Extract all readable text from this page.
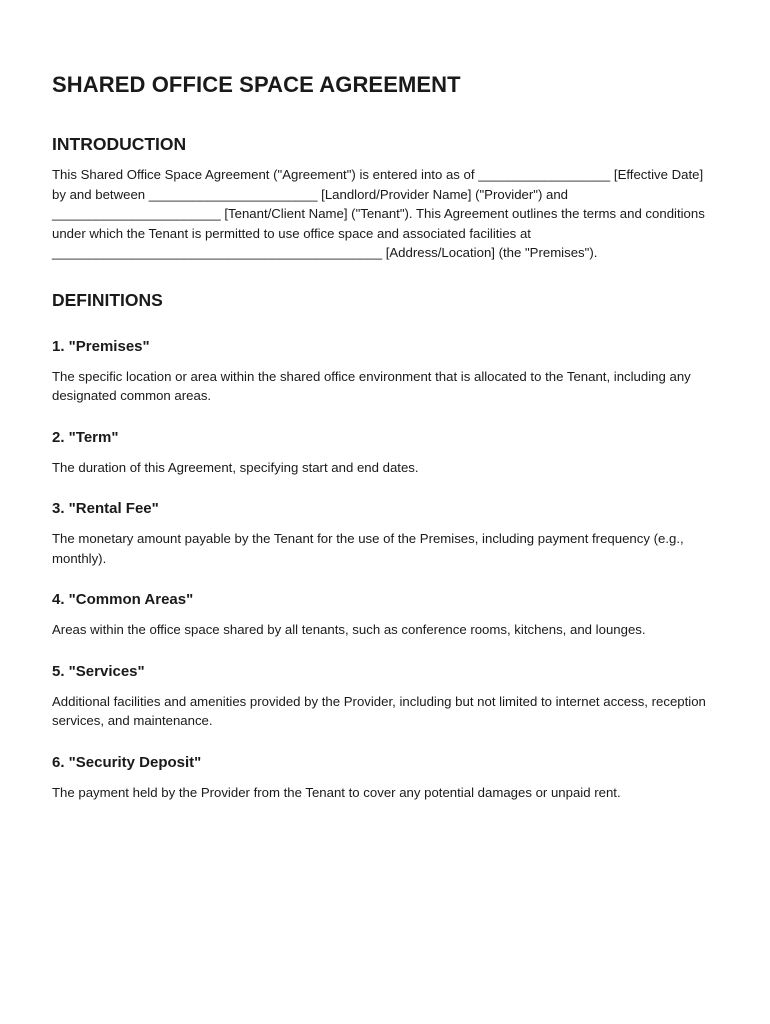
SHARED OFFICE SPACE AGREEMENT
INTRODUCTION

This Shared Office Space Agreement ("Agreement") is entered into as of __________________ [Effective Date] by and between _______________________ [Landlord/Provider Name] ("Provider") and _______________________ [Tenant/Client Name] ("Tenant"). This Agreement outlines the terms and conditions under which the Tenant is permitted to use office space and associated facilities at _____________________________________________ [Address/Location] (the "Premises").

DEFINITIONS
1. "Premises"

The specific location or area within the shared office environment that is allocated to the Tenant, including any designated common areas.

2. "Term"

The duration of this Agreement, specifying start and end dates.

3. "Rental Fee"

The monetary amount payable by the Tenant for the use of the Premises, including payment frequency (e.g., monthly).

4. "Common Areas"

Areas within the office space shared by all tenants, such as conference rooms, kitchens, and lounges.

5. "Services"

Additional facilities and amenities provided by the Provider, including but not limited to internet access, reception services, and maintenance.

6. "Security Deposit"

The payment held by the Provider from the Tenant to cover any potential damages or unpaid rent.
